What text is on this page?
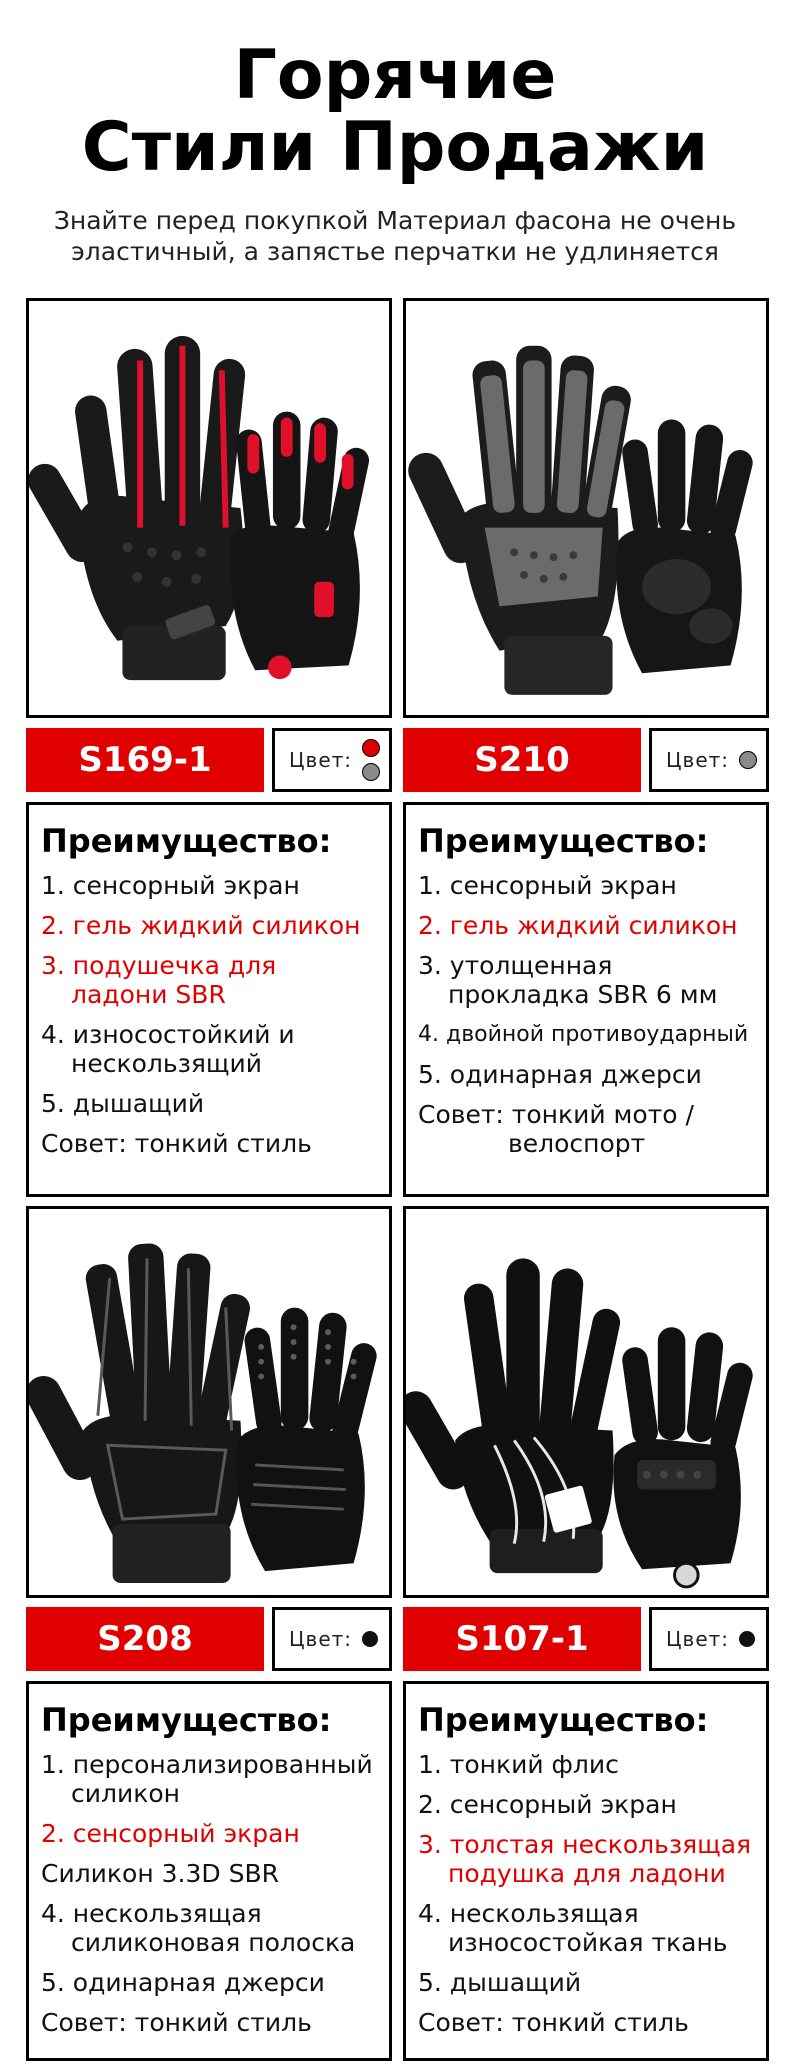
Горячие
Стили Продажи
Знайте перед покупкой Материал фасона не очень
эластичный, а запястье перчатки не удлиняется
S169-1	Цвет:	S210	Цвет:
Преимущество:
1. сенсорный экран
2. гель жидкий силикон
3. подушечка для ладони SBR
4. износостойкий и нескользящий
5. дышащий
Совет: тонкий стиль
Преимущество:
1. сенсорный экран
2. гель жидкий силикон
3. утолщенная прокладка SBR 6 мм
4. двойной противоударный
5. одинарная джерси
Совет: тонкий мото /
велоспорт
S208	Цвет:	S107-1	Цвет:
Преимущество:
1. персонализированный силикон
2. сенсорный экран
Силикон 3.3D SBR
4. нескользящая силиконовая полоска
5. одинарная джерси
Совет: тонкий стиль
Преимущество:
1. тонкий флис
2. сенсорный экран
3. толстая нескользящая подушка для ладони
4. нескользящая износостойкая ткань
5. дышащий
Совет: тонкий стиль
